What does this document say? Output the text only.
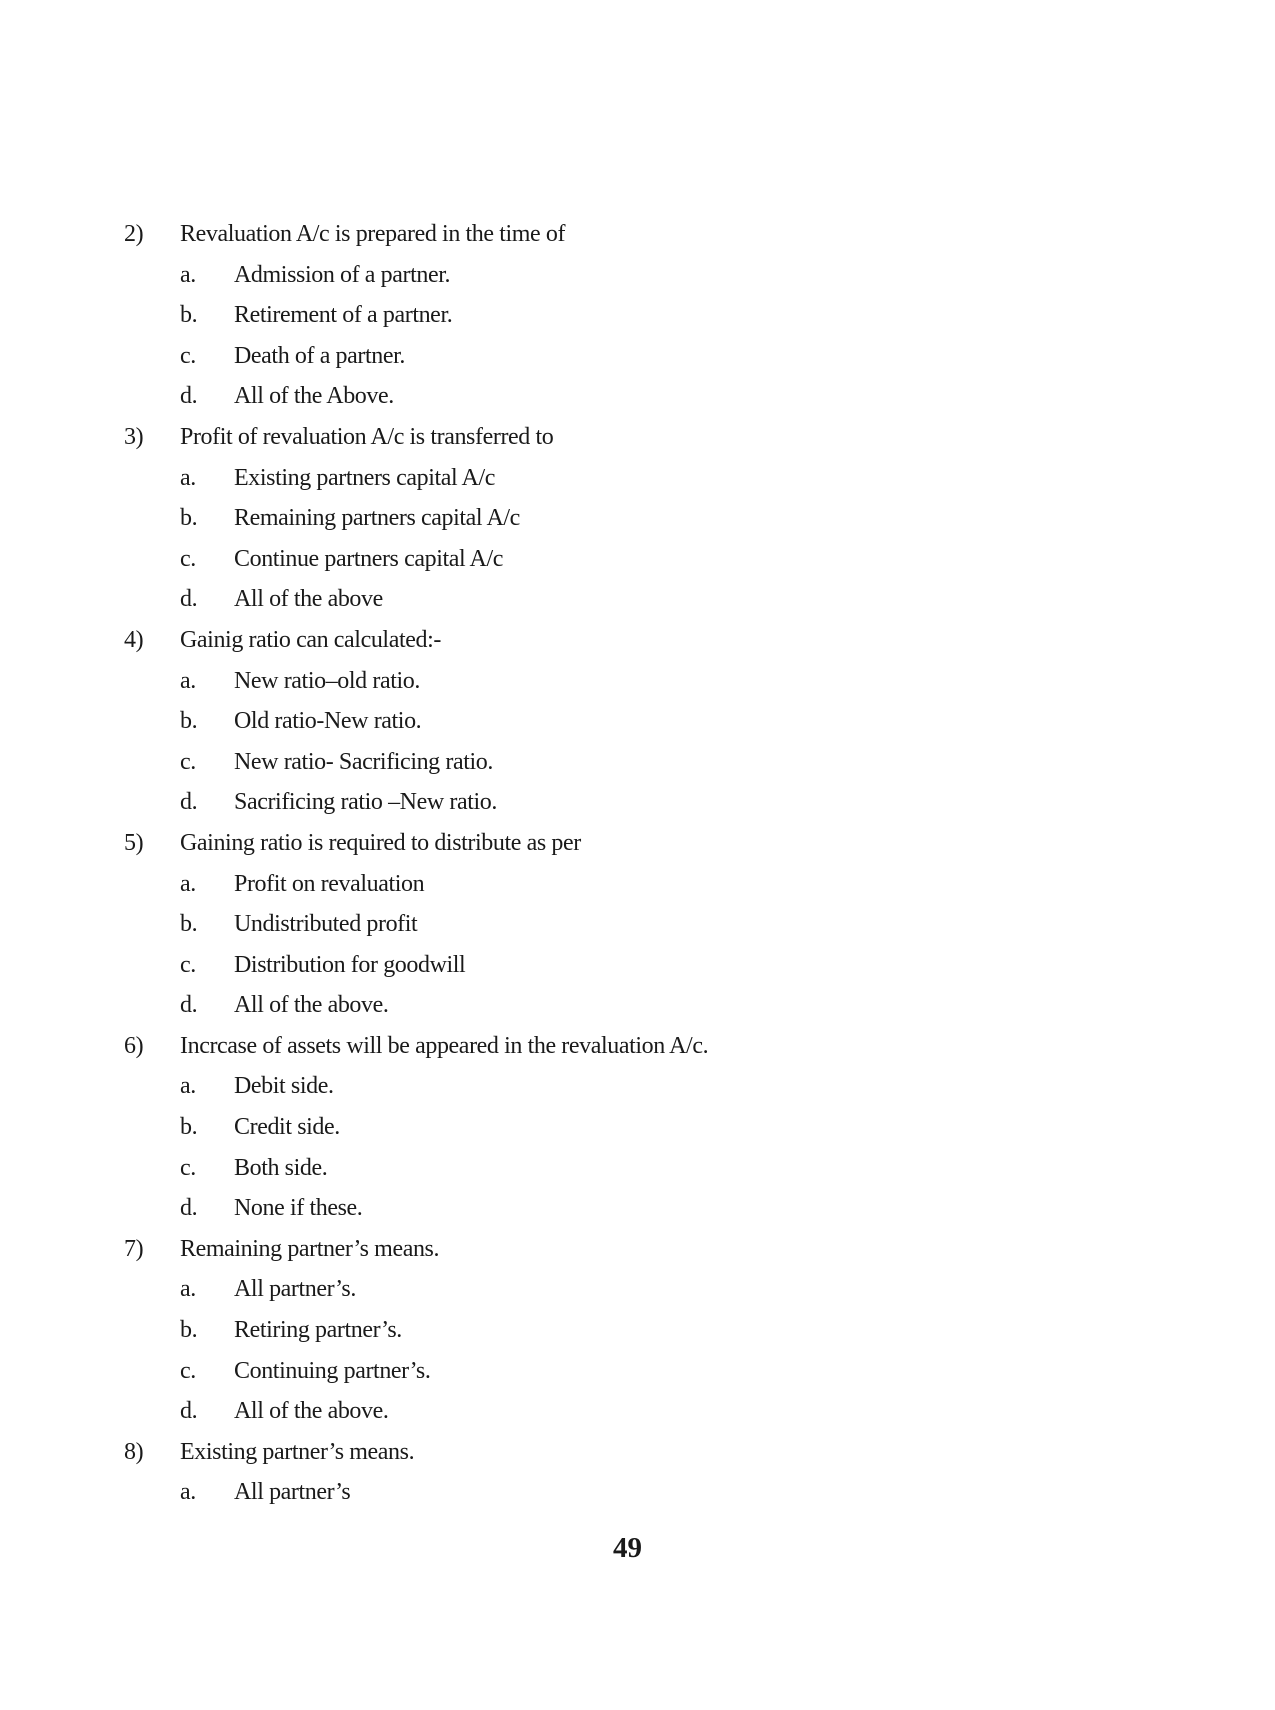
2) Revaluation A/c is prepared in the time of
a. Admission of a partner.
b. Retirement of a partner.
c. Death of a partner.
d. All of the Above.
3) Profit of revaluation A/c is transferred to
a. Existing partners capital A/c
b. Remaining partners capital A/c
c. Continue partners capital A/c
d. All of the above
4) Gainig ratio can calculated:-
a. New ratio–old ratio.
b. Old ratio-New ratio.
c. New ratio- Sacrificing ratio.
d. Sacrificing ratio –New ratio.
5) Gaining ratio is required to distribute as per
a. Profit on revaluation
b. Undistributed profit
c. Distribution for goodwill
d. All of the above.
6) Incrcase of assets will be appeared in the revaluation A/c.
a. Debit side.
b. Credit side.
c. Both side.
d. None if these.
7) Remaining partner’s means.
a. All partner’s.
b. Retiring partner’s.
c. Continuing partner’s.
d. All of the above.
8) Existing partner’s means.
a. All partner’s
49
